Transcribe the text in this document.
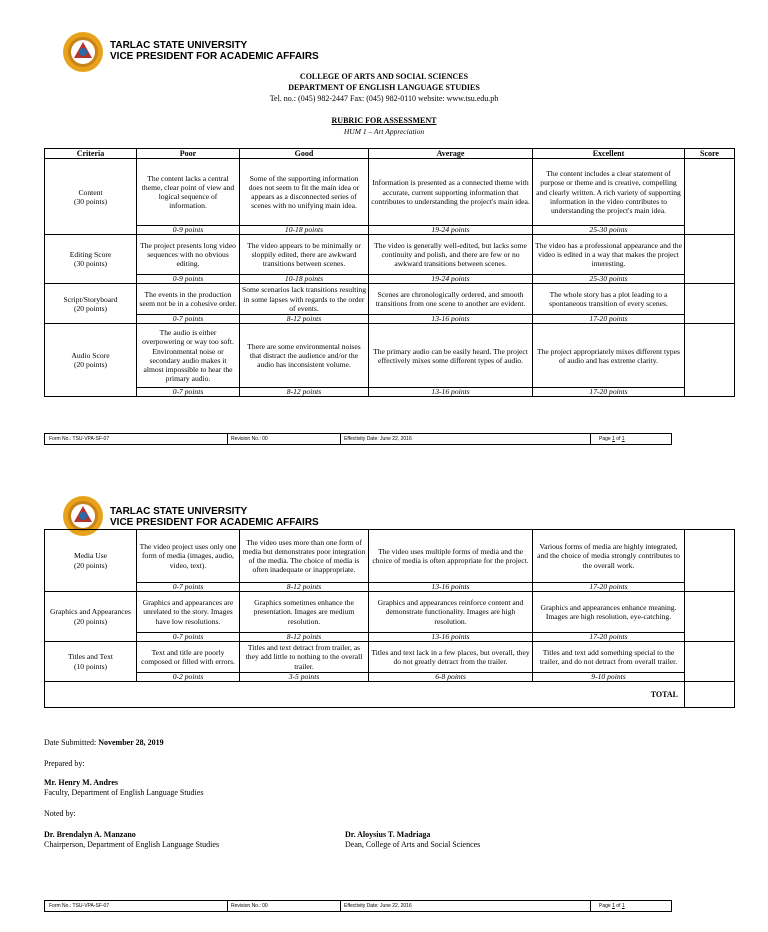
TARLAC STATE UNIVERSITY
VICE PRESIDENT FOR ACADEMIC AFFAIRS
COLLEGE OF ARTS AND SOCIAL SCIENCES
DEPARTMENT OF ENGLISH LANGUAGE STUDIES
Tel. no.: (045) 982-2447 Fax: (045) 982-0110 website: www.tsu.edu.ph
RUBRIC FOR ASSESSMENT
HUM 1 – Art Appreciation
Criteria	Poor	Good	Average	Excellent	Score

Content
(30 points)	The content lacks a central theme, clear point of view and logical sequence of information.	Some of the supporting information does not seem to fit the main idea or appears as a disconnected series of scenes with no unifying main idea.	Information is presented as a connected theme with accurate, current supporting information that contributes to understanding the project's main idea.	The content includes a clear statement of purpose or theme and is creative, compelling and clearly written. A rich variety of supporting information in the video contributes to understanding the project's main idea.	
	0-9 points	10-18 points	19-24 points	25-30 points	

Editing Score
(30 points)	The project presents long video sequences with no obvious editing.	The video appears to be minimally or sloppily edited, there are awkward transitions between scenes.	The video is generally well-edited, but lacks some continuity and polish, and there are few or no awkward transitions between scenes.	The video has a professional appearance and the video is edited in a way that makes the project interesting.	
	0-9 points	10-18 points	19-24 points	25-30 points	

Script/Storyboard
(20 points)	The events in the production seem not be in a cohesive order.	Some scenarios lack transitions resulting in some lapses with regards to the order of events.	Scenes are chronologically ordered, and smooth transitions from one scene to another are evident.	The whole story has a plot leading to a spontaneous transition of every scenes.	
	0-7 points	8-12 points	13-16 points	17-20 points	

Audio Score
(20 points)	The audio is either overpowering or way too soft. Environmental noise or secondary audio makes it almost impossible to hear the primary audio.	There are some environmental noises that distract the audience and/or the audio has inconsistent volume.	The primary audio can be easily heard. The project effectively mixes some different types of audio.	The project appropriately mixes different types of audio and has extreme clarity.	
	0-7 points	8-12 points	13-16 points	17-20 points	
Form No.: TSU-VPA-SF-07	Revision No.: 00	Effectivity Date: June 22, 2016	Page 1 of 1
TARLAC STATE UNIVERSITY
VICE PRESIDENT FOR ACADEMIC AFFAIRS
Media Use
(20 points)	The video project uses only one form of media (images, audio, video, text).	The video uses more than one form of media but demonstrates poor integration of the media. The choice of media is often inadequate or inappropriate.	The video uses multiple forms of media and the choice of media is often appropriate for the project.	Various forms of media are highly integrated, and the choice of media strongly contributes to the overall work.	
	0-7 points	8-12 points	13-16 points	17-20 points	

Graphics and Appearances
(20 points)	Graphics and appearances are unrelated to the story. Images have low resolutions.	Graphics sometimes enhance the presentation. Images are medium resolution.	Graphics and appearances reinforce content and demonstrate functionality. Images are high resolution.	Graphics and appearances enhance meaning. Images are high resolution, eye-catching.	
	0-7 points	8-12 points	13-16 points	17-20 points	

Titles and Text
(10 points)	Text and title are poorly composed or filled with errors.	Titles and text detract from trailer, as they add little to nothing to the overall trailer.	Titles and text lack in a few places, but overall, they do not greatly detract from the trailer.	Titles and text add something special to the trailer, and do not detract from overall trailer.	
	0-2 points	3-5 points	6-8 points	9-10 points	
TOTAL					
Date Submitted: November 28, 2019
Prepared by:
Mr. Henry M. Andres
Faculty, Department of English Language Studies
Noted by:
Dr. Brendalyn A. Manzano
Chairperson, Department of English Language Studies
Dr. Aloysius T. Madriaga
Dean, College of Arts and Social Sciences
Form No.: TSU-VPA-SF-07	Revision No.: 00	Effectivity Date: June 22, 2016	Page 1 of 1
